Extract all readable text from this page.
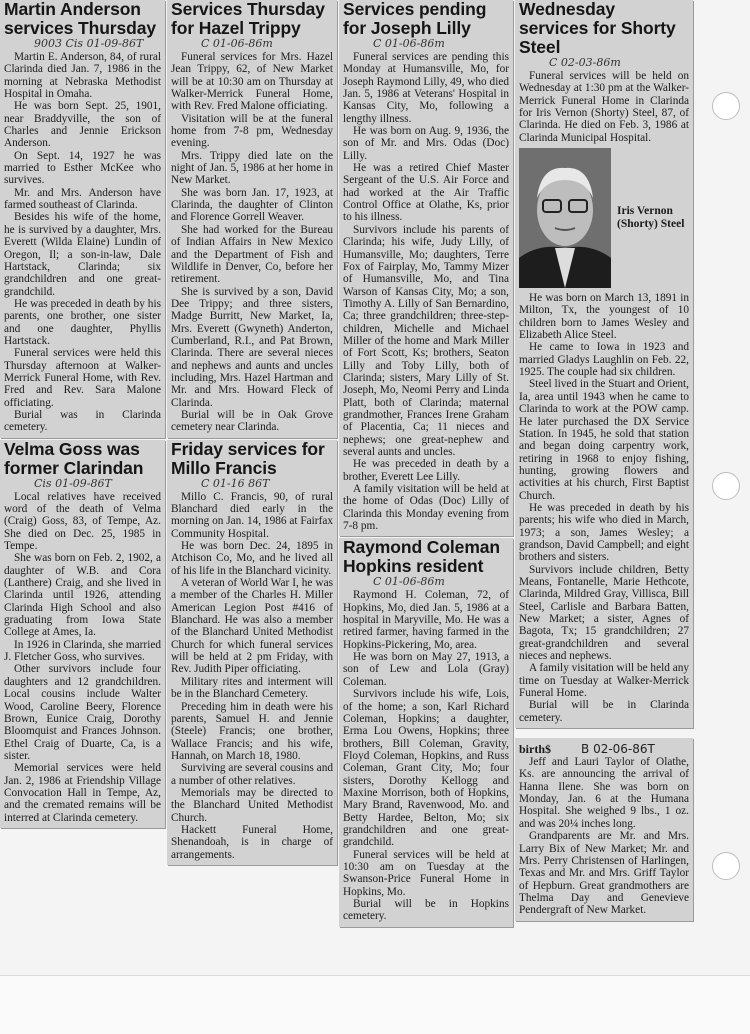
Martin Anderson services Thursday
9003 Cis 01-09-86T

Martin E. Anderson, 84, of rural Clarinda died Jan. 7, 1986 in the morning at Nebraska Methodist Hospital in Omaha.

He was born Sept. 25, 1901, near Braddyville, the son of Charles and Jennie Erickson Anderson.

On Sept. 14, 1927 he was married to Esther McKee who survives.

Mr. and Mrs. Anderson have farmed southeast of Clarinda.

Besides his wife of the home, he is survived by a daughter, Mrs. Everett (Wilda Elaine) Lundin of Oregon, Il; a son-in-law, Dale Hartstack, Clarinda; six grandchildren and one great-grandchild.

He was preceded in death by his parents, one brother, one sister and one daughter, Phyllis Hartstack.

Funeral services were held this Thursday afternoon at Walker-Merrick Funeral Home, with Rev. Fred and Rev. Sara Malone officiating.

Burial was in Clarinda cemetery.

Velma Goss was former Clarindan
Cis 01-09-86T

Local relatives have received word of the death of Velma (Craig) Goss, 83, of Tempe, Az. She died on Dec. 25, 1985 in Tempe.

She was born on Feb. 2, 1902, a daughter of W.B. and Cora (Lanthere) Craig, and she lived in Clarinda until 1926, attending Clarinda High School and also graduating from Iowa State College at Ames, Ia.

In 1926 in Clarinda, she married J. Fletcher Goss, who survives.

Other survivors include four daughters and 12 grandchildren. Local cousins include Walter Wood, Caroline Beery, Florence Brown, Eunice Craig, Dorothy Bloomquist and Frances Johnson. Ethel Craig of Duarte, Ca, is a sister.

Memorial services were held Jan. 2, 1986 at Friendship Village Convocation Hall in Tempe, Az, and the cremated remains will be interred at Clarinda cemetery.

Services Thursday for Hazel Trippy
C 01-06-86m

Funeral services for Mrs. Hazel Jean Trippy, 62, of New Market will be at 10:30 am on Thursday at Walker-Merrick Funeral Home, with Rev. Fred Malone officiating.

Visitation will be at the funeral home from 7-8 pm, Wednesday evening.

Mrs. Trippy died late on the night of Jan. 5, 1986 at her home in New Market.

She was born Jan. 17, 1923, at Clarinda, the daughter of Clinton and Florence Gorrell Weaver.

She had worked for the Bureau of Indian Affairs in New Mexico and the Department of Fish and Wildlife in Denver, Co, before her retirement.

She is survived by a son, David Dee Trippy; and three sisters, Madge Burritt, New Market, Ia, Mrs. Everett (Gwyneth) Anderton, Cumberland, R.I., and Pat Brown, Clarinda. There are several nieces and nephews and aunts and uncles including, Mrs. Hazel Hartman and Mr. and Mrs. Howard Fleck of Clarinda.

Burial will be in Oak Grove cemetery near Clarinda.

Friday services for Millo Francis
C 01-16 86T

Millo C. Francis, 90, of rural Blanchard died early in the morning on Jan. 14, 1986 at Fairfax Community Hospital.

He was born Dec. 24, 1895 in Atchison Co, Mo, and he lived all of his life in the Blanchard vicinity.

A veteran of World War I, he was a member of the Charles H. Miller American Legion Post #416 of Blanchard. He was also a member of the Blanchard United Methodist Church for which funeral services will be held at 2 pm Friday, with Rev. Judith Piper officiating.

Military rites and interment will be in the Blanchard Cemetery.

Preceding him in death were his parents, Samuel H. and Jennie (Steele) Francis; one brother, Wallace Francis; and his wife, Hannah, on March 18, 1980.

Surviving are several cousins and a number of other relatives.

Memorials may be directed to the Blanchard United Methodist Church.

Hackett Funeral Home, Shenandoah, is in charge of arrangements.

Services pending for Joseph Lilly
C 01-06-86m

Funeral services are pending this Monday at Humansville, Mo, for Joseph Raymond Lilly, 49, who died Jan. 5, 1986 at Veterans' Hospital in Kansas City, Mo, following a lengthy illness.

He was born on Aug. 9, 1936, the son of Mr. and Mrs. Odas (Doc) Lilly.

He was a retired Chief Master Sergeant of the U.S. Air Force and had worked at the Air Traffic Control Office at Olathe, Ks, prior to his illness.

Survivors include his parents of Clarinda; his wife, Judy Lilly, of Humansville, Mo; daughters, Terre Fox of Fairplay, Mo, Tammy Mizer of Humansville, Mo, and Tina Warson of Kansas City, Mo; a son, Timothy A. Lilly of San Bernardino, Ca; three grandchildren; three-step-children, Michelle and Michael Miller of the home and Mark Miller of Fort Scott, Ks; brothers, Seaton Lilly and Toby Lilly, both of Clarinda; sisters, Mary Lilly of St. Joseph, Mo, Neomi Perry and Linda Platt, both of Clarinda; maternal grandmother, Frances Irene Graham of Placentia, Ca; 11 nieces and nephews; one great-nephew and several aunts and uncles.

He was preceded in death by a brother, Everett Lee Lilly.

A family visitation will be held at the home of Odas (Doc) Lilly of Clarinda this Monday evening from 7-8 pm.

Raymond Coleman Hopkins resident
C 01-06-86m

Raymond H. Coleman, 72, of Hopkins, Mo, died Jan. 5, 1986 at a hospital in Maryville, Mo. He was a retired farmer, having farmed in the Hopkins-Pickering, Mo, area.

He was born on May 27, 1913, a son of Lew and Lola (Gray) Coleman.

Survivors include his wife, Lois, of the home; a son, Karl Richard Coleman, Hopkins; a daughter, Erma Lou Owens, Hopkins; three brothers, Bill Coleman, Gravity, Floyd Coleman, Hopkins, and Russ Coleman, Grant City, Mo; four sisters, Dorothy Kellogg and Maxine Morrison, both of Hopkins, Mary Brand, Ravenwood, Mo. and Betty Hardee, Belton, Mo; six grandchildren and one great-grandchild.

Funeral services will be held at 10:30 am on Tuesday at the Swanson-Price Funeral Home in Hopkins, Mo.

Burial will be in Hopkins cemetery.

Wednesday services for Shorty Steel
C 02-03-86m

Funeral services will be held on Wednesday at 1:30 pm at the Walker-Merrick Funeral Home in Clarinda for Iris Vernon (Shorty) Steel, 87, of Clarinda. He died on Feb. 3, 1986 at Clarinda Municipal Hospital.

Iris Vernon (Shorty) Steel

He was born on March 13, 1891 in Milton, Tx, the youngest of 10 children born to James Wesley and Elizabeth Alice Steel.

He came to Iowa in 1923 and married Gladys Laughlin on Feb. 22, 1925. The couple had six children.

Steel lived in the Stuart and Orient, Ia, area until 1943 when he came to Clarinda to work at the POW camp. He later purchased the DX Service Station. In 1945, he sold that station and began doing carpentry work, retiring in 1968 to enjoy fishing, hunting, growing flowers and activities at his church, First Baptist Church.

He was preceded in death by his parents; his wife who died in March, 1973; a son, James Wesley; a grandson, David Campbell; and eight brothers and sisters.

Survivors include children, Betty Means, Fontanelle, Marie Hethcote, Clarinda, Mildred Gray, Villisca, Bill Steel, Carlisle and Barbara Batten, New Market; a sister, Agnes of Bagota, Tx; 15 grandchildren; 27 great-grandchildren and several nieces and nephews.

A family visitation will be held any time on Tuesday at Walker-Merrick Funeral Home.

Burial will be in Clarinda cemetery.

birth$	B 02-06-86T

Jeff and Lauri Taylor of Olathe, Ks. are announcing the arrival of Hanna Ilene. She was born on Monday, Jan. 6 at the Humana Hospital. She weighed 9 lbs., 1 oz. and was 20¼ inches long.

Grandparents are Mr. and Mrs. Larry Bix of New Market; Mr. and Mrs. Perry Christensen of Harlingen, Texas and Mr. and Mrs. Griff Taylor of Hepburn. Great grandmothers are Thelma Day and Genevieve Pendergraft of New Market.
